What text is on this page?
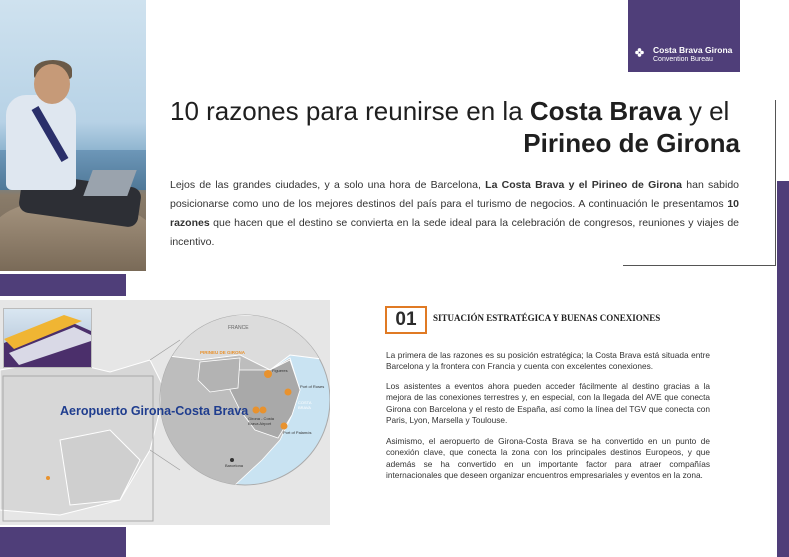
Costa Brava Girona
Convention Bureau
10 razones para reunirse en la Costa Brava y el
Pirineo de Girona
Lejos de las grandes ciudades, y a solo una hora de Barcelona, La Costa Brava y el Pirineo de Girona han sabido posicionarse como uno de los mejores destinos del país para el turismo de negocios. A continuación le presentamos 10 razones que hacen que el destino se convierta en la sede ideal para la celebración de congresos, reuniones y viajes de incentivo.
FRANCE
PIRINEU DE GIRONA
COSTA BRAVA
Port of Roses
Port of Palamós
Girona - Costa Brava Airport
Barcelona
Figueres
Aeropuerto Girona-Costa Brava
01	SITUACIÓN ESTRATÉGICA Y BUENAS CONEXIONES
La primera de las razones es su posición estratégica; la Costa Brava está situada entre Barcelona y la frontera con Francia y cuenta con excelentes conexiones.
Los asistentes a eventos ahora pueden acceder fácilmente al destino gracias a la mejora de las conexiones terrestres y, en especial, con la llegada del AVE que conecta Girona con Barcelona y el resto de España, así como la línea del TGV que conecta con Paris, Lyon, Marsella y Toulouse.
Asimismo, el aeropuerto de Girona-Costa Brava se ha convertido en un punto de conexión clave, que conecta la zona con los principales destinos Europeos, y que además se ha convertido en un importante factor para atraer compañías internacionales que deseen organizar encuentros empresariales y eventos en la zona.
